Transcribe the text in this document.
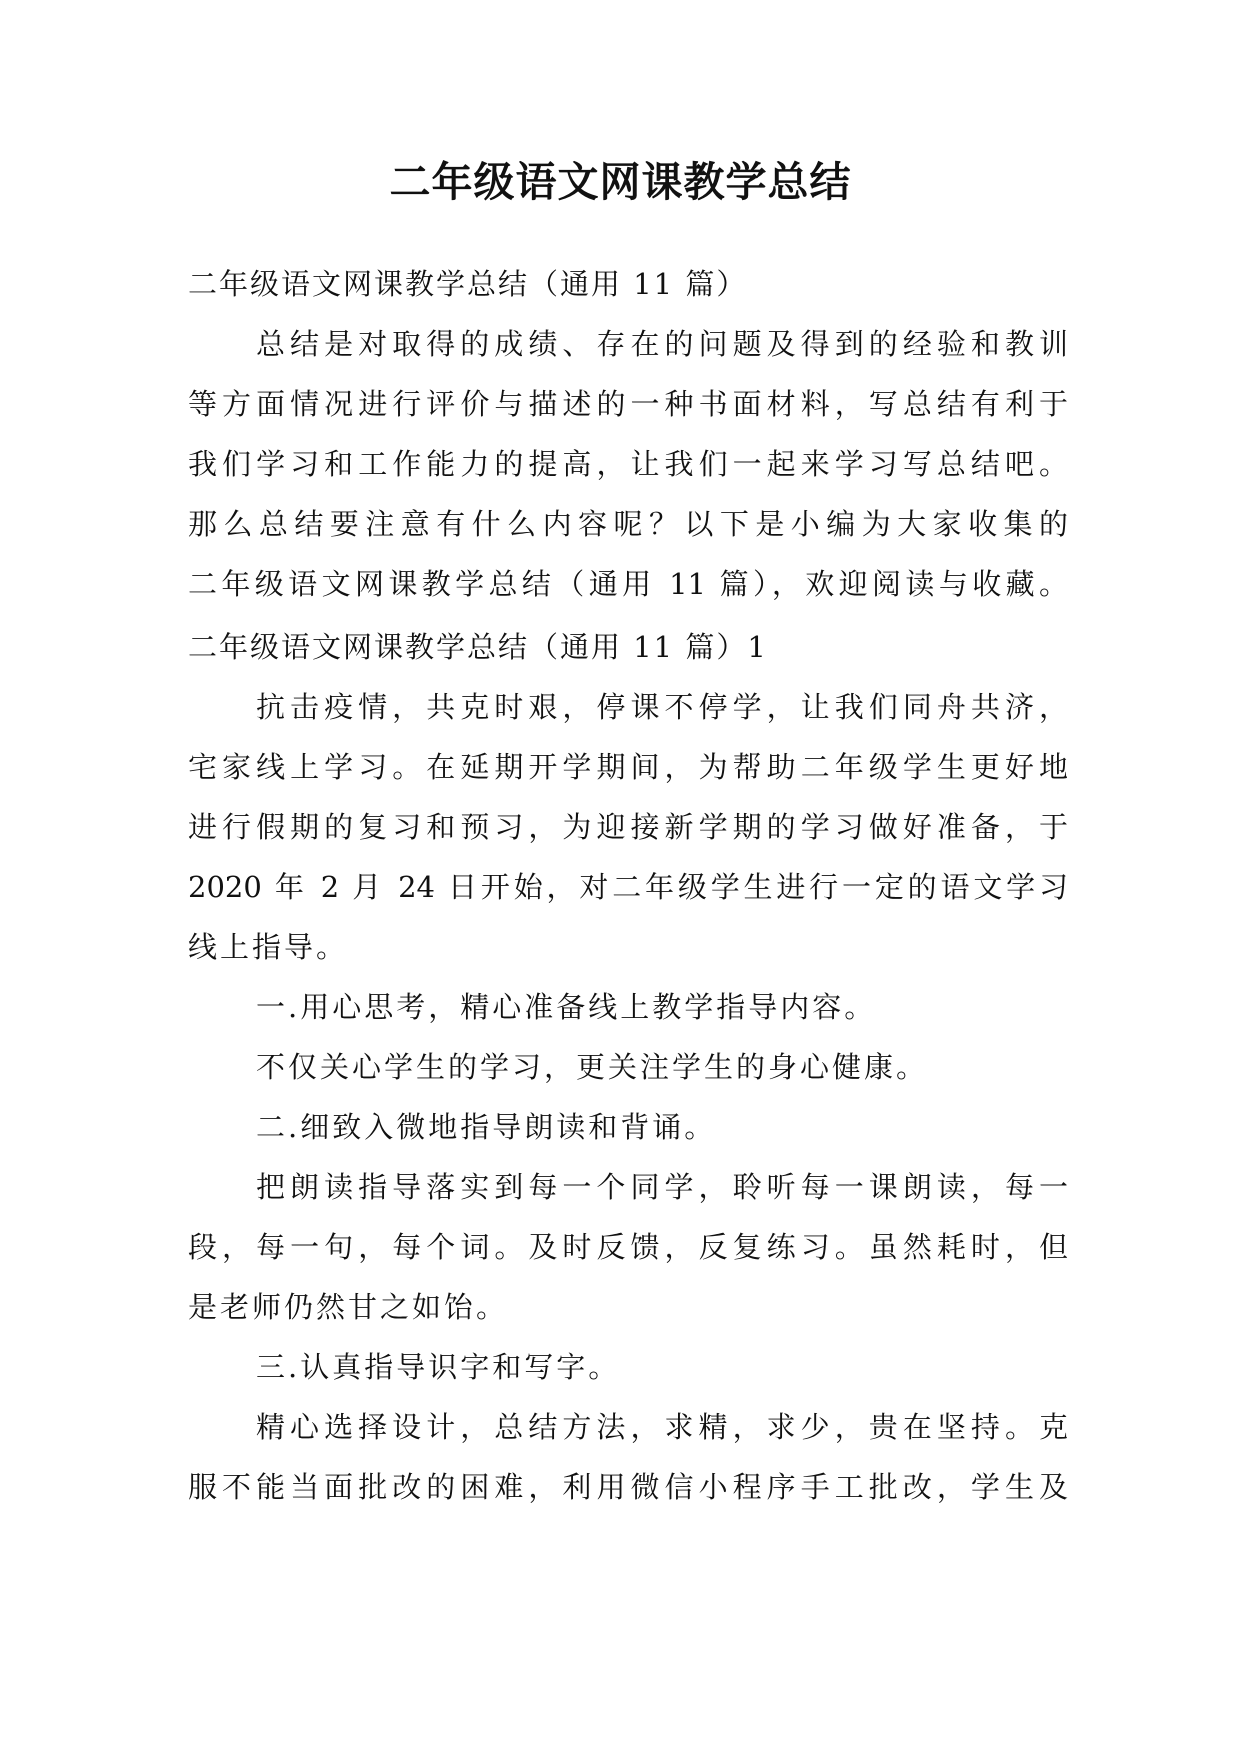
二年级语文网课教学总结
二年级语文网课教学总结（通用 11 篇）
总结是对取得的成绩、存在的问题及得到的经验和教训
等方面情况进行评价与描述的一种书面材料，写总结有利于
我们学习和工作能力的提高，让我们一起来学习写总结吧。
那么总结要注意有什么内容呢？以下是小编为大家收集的
二年级语文网课教学总结（通用 11 篇），欢迎阅读与收藏。
二年级语文网课教学总结（通用 11 篇）1
抗击疫情，共克时艰，停课不停学，让我们同舟共济，
宅家线上学习。在延期开学期间，为帮助二年级学生更好地
进行假期的复习和预习，为迎接新学期的学习做好准备，于
2020 年 2 月 24 日开始，对二年级学生进行一定的语文学习
线上指导。
一.用心思考，精心准备线上教学指导内容。
不仅关心学生的学习，更关注学生的身心健康。
二.细致入微地指导朗读和背诵。
把朗读指导落实到每一个同学，聆听每一课朗读，每一
段，每一句，每个词。及时反馈，反复练习。虽然耗时，但
是老师仍然甘之如饴。
三.认真指导识字和写字。
精心选择设计，总结方法，求精，求少，贵在坚持。克
服不能当面批改的困难，利用微信小程序手工批改，学生及
